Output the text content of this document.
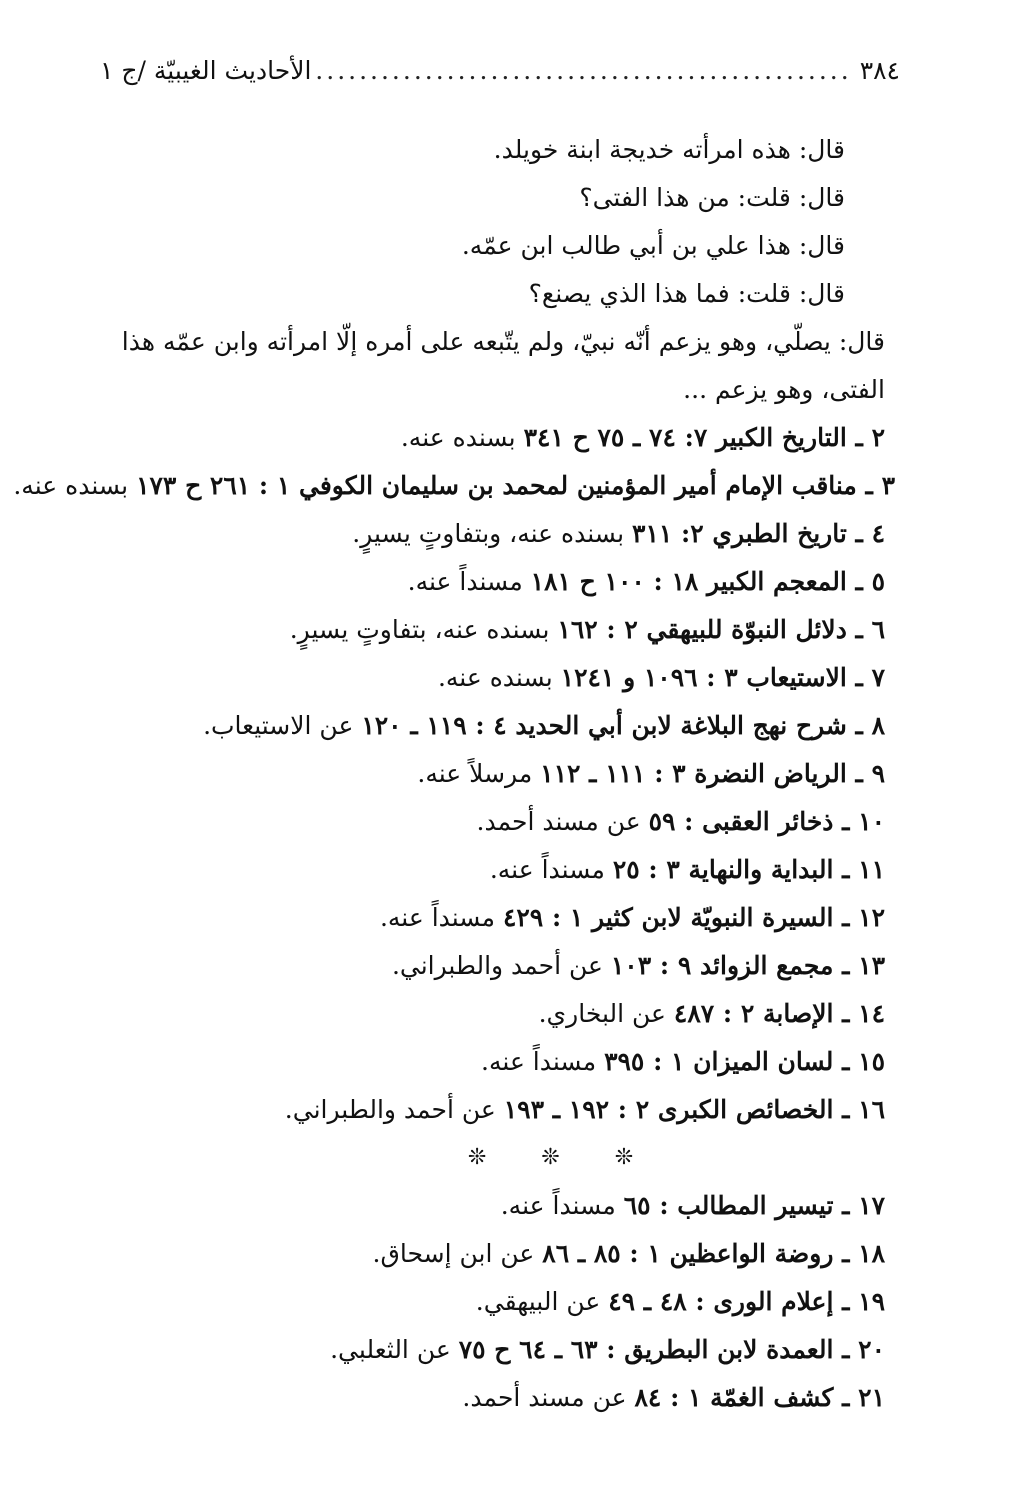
٣٨٤
.....
الأحاديث الغيبيّة /ج ١

قال: هذه امرأته خديجة ابنة خويلد.

قال: قلت: من هذا الفتى؟

قال: هذا علي بن أبي طالب ابن عمّه.

قال: قلت: فما هذا الذي يصنع؟

قال: يصلّي، وهو يزعم أنّه نبيّ، ولم يتّبعه على أمره إلّا امرأته وابن عمّه هذا

الفتى، وهو يزعم ...

٢ ـ التاريخ الكبير ٧: ٧٤ ـ ٧٥ ح ٣٤١ بسنده عنه.

٣ ـ مناقب الإمام أمير المؤمنين لمحمد بن سليمان الكوفي ١ : ٢٦١ ح ١٧٣ بسنده عنه.

٤ ـ تاريخ الطبري ٢: ٣١١ بسنده عنه، وبتفاوتٍ يسيرٍ.

٥ ـ المعجم الكبير ١٨ : ١٠٠ ح ١٨١ مسنداً عنه.

٦ ـ دلائل النبوّة للبيهقي ٢ : ١٦٢ بسنده عنه، بتفاوتٍ يسيرٍ.

٧ ـ الاستيعاب ٣ : ١٠٩٦ و ١٢٤١ بسنده عنه.

٨ ـ شرح نهج البلاغة لابن أبي الحديد ٤ : ١١٩ ـ ١٢٠ عن الاستيعاب.

٩ ـ الرياض النضرة ٣ : ١١١ ـ ١١٢ مرسلاً عنه.

١٠ ـ ذخائر العقبى : ٥٩ عن مسند أحمد.

١١ ـ البداية والنهاية ٣ : ٢٥ مسنداً عنه.

١٢ ـ السيرة النبويّة لابن كثير ١ : ٤٢٩ مسنداً عنه.

١٣ ـ مجمع الزوائد ٩ : ١٠٣ عن أحمد والطبراني.

١٤ ـ الإصابة ٢ : ٤٨٧ عن البخاري.

١٥ ـ لسان الميزان ١ : ٣٩٥ مسنداً عنه.

١٦ ـ الخصائص الكبرى ٢ : ١٩٢ ـ ١٩٣ عن أحمد والطبراني.

❊ ❊ ❊

١٧ ـ تيسير المطالب : ٦٥ مسنداً عنه.

١٨ ـ روضة الواعظين ١ : ٨٥ ـ ٨٦ عن ابن إسحاق.

١٩ ـ إعلام الورى : ٤٨ ـ ٤٩ عن البيهقي.

٢٠ ـ العمدة لابن البطريق : ٦٣ ـ ٦٤ ح ٧٥ عن الثعلبي.

٢١ ـ كشف الغمّة ١ : ٨٤ عن مسند أحمد.
